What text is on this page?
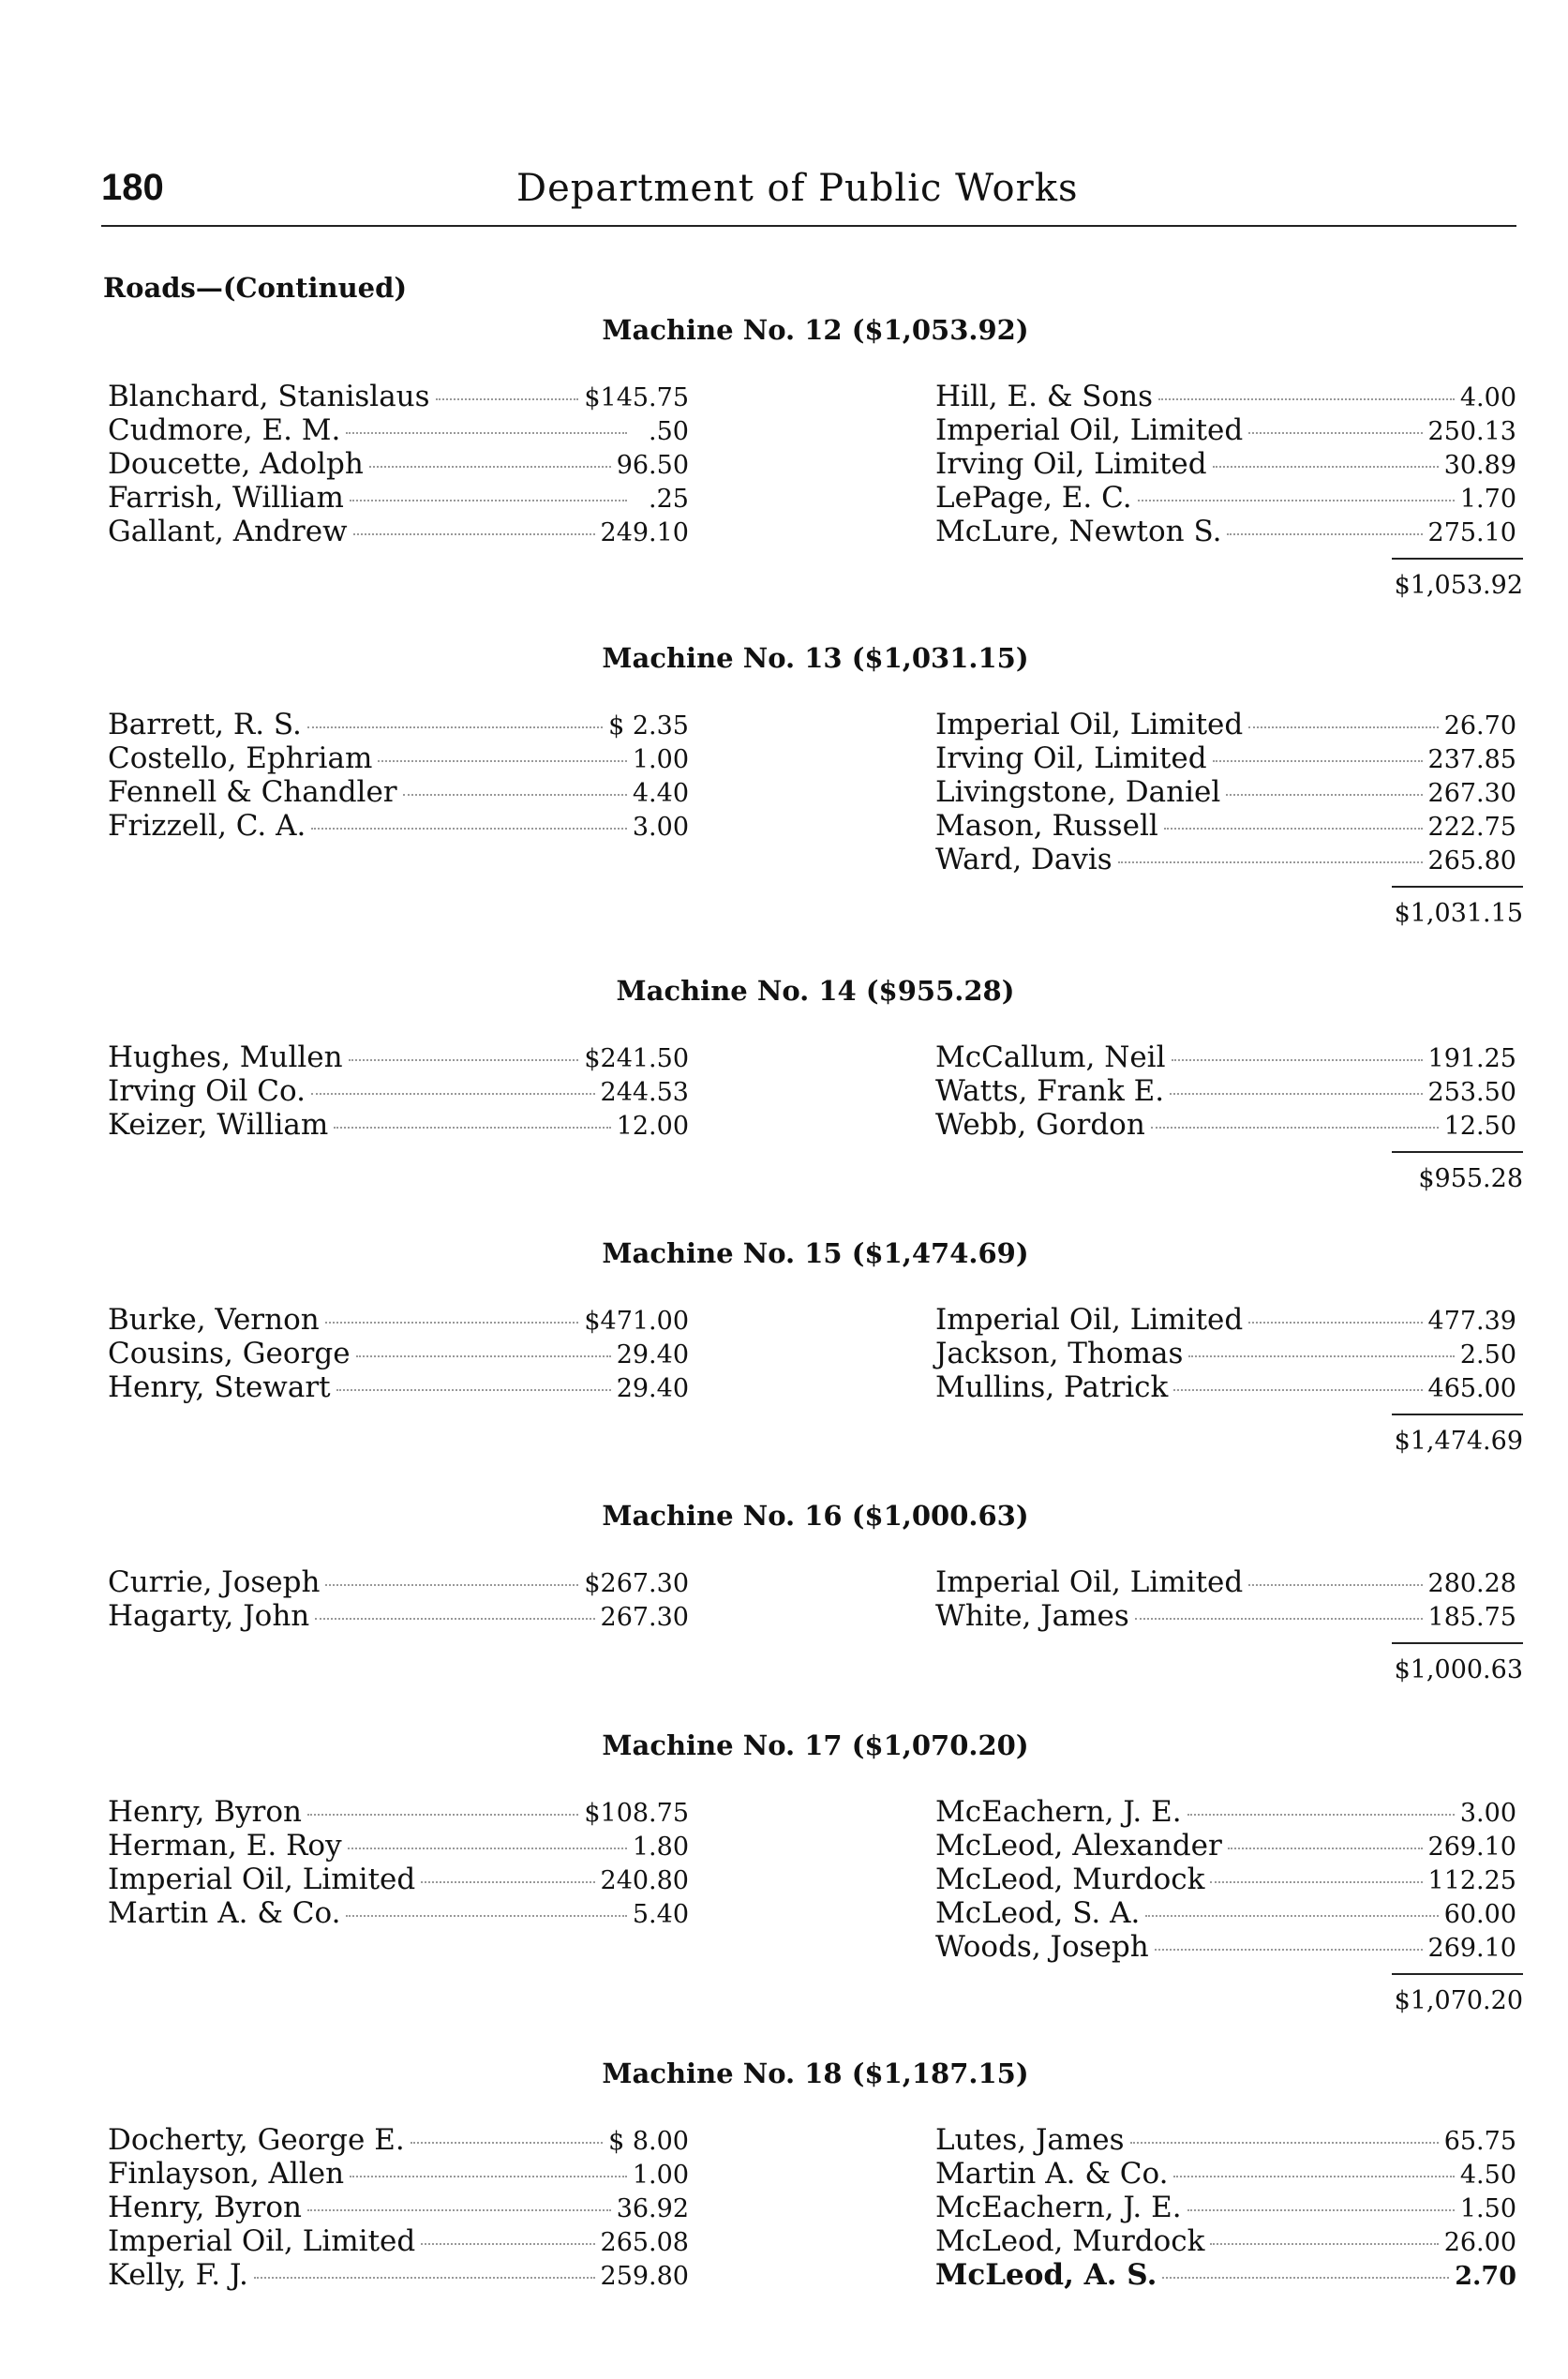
180	Department of Public Works
Roads—(Continued)
Machine No. 12 ($1,053.92)
Blanchard, Stanislaus	$145.75
Cudmore, E. M.	.50
Doucette, Adolph	96.50
Farrish, William	.25
Gallant, Andrew	249.10
Hill, E. & Sons	4.00
Imperial Oil, Limited	250.13
Irving Oil, Limited	30.89
LePage, E. C.	1.70
McLure, Newton S.	275.10
$1,053.92
Machine No. 13 ($1,031.15)
Barrett, R. S.	$ 2.35
Costello, Ephriam	1.00
Fennell & Chandler	4.40
Frizzell, C. A.	3.00
Imperial Oil, Limited	26.70
Irving Oil, Limited	237.85
Livingstone, Daniel	267.30
Mason, Russell	222.75
Ward, Davis	265.80
$1,031.15
Machine No. 14 ($955.28)
Hughes, Mullen	$241.50
Irving Oil Co.	244.53
Keizer, William	12.00
McCallum, Neil	191.25
Watts, Frank E.	253.50
Webb, Gordon	12.50
$955.28
Machine No. 15 ($1,474.69)
Burke, Vernon	$471.00
Cousins, George	29.40
Henry, Stewart	29.40
Imperial Oil, Limited	477.39
Jackson, Thomas	2.50
Mullins, Patrick	465.00
$1,474.69
Machine No. 16 ($1,000.63)
Currie, Joseph	$267.30
Hagarty, John	267.30
Imperial Oil, Limited	280.28
White, James	185.75
$1,000.63
Machine No. 17 ($1,070.20)
Henry, Byron	$108.75
Herman, E. Roy	1.80
Imperial Oil, Limited	240.80
Martin A. & Co.	5.40
McEachern, J. E.	3.00
McLeod, Alexander	269.10
McLeod, Murdock	112.25
McLeod, S. A.	60.00
Woods, Joseph	269.10
$1,070.20
Machine No. 18 ($1,187.15)
Docherty, George E.	$ 8.00
Finlayson, Allen	1.00
Henry, Byron	36.92
Imperial Oil, Limited	265.08
Kelly, F. J.	259.80
Lutes, James	65.75
Martin A. & Co.	4.50
McEachern, J. E.	1.50
McLeod, Murdock	26.00
McLeod, A. S.	2.70
